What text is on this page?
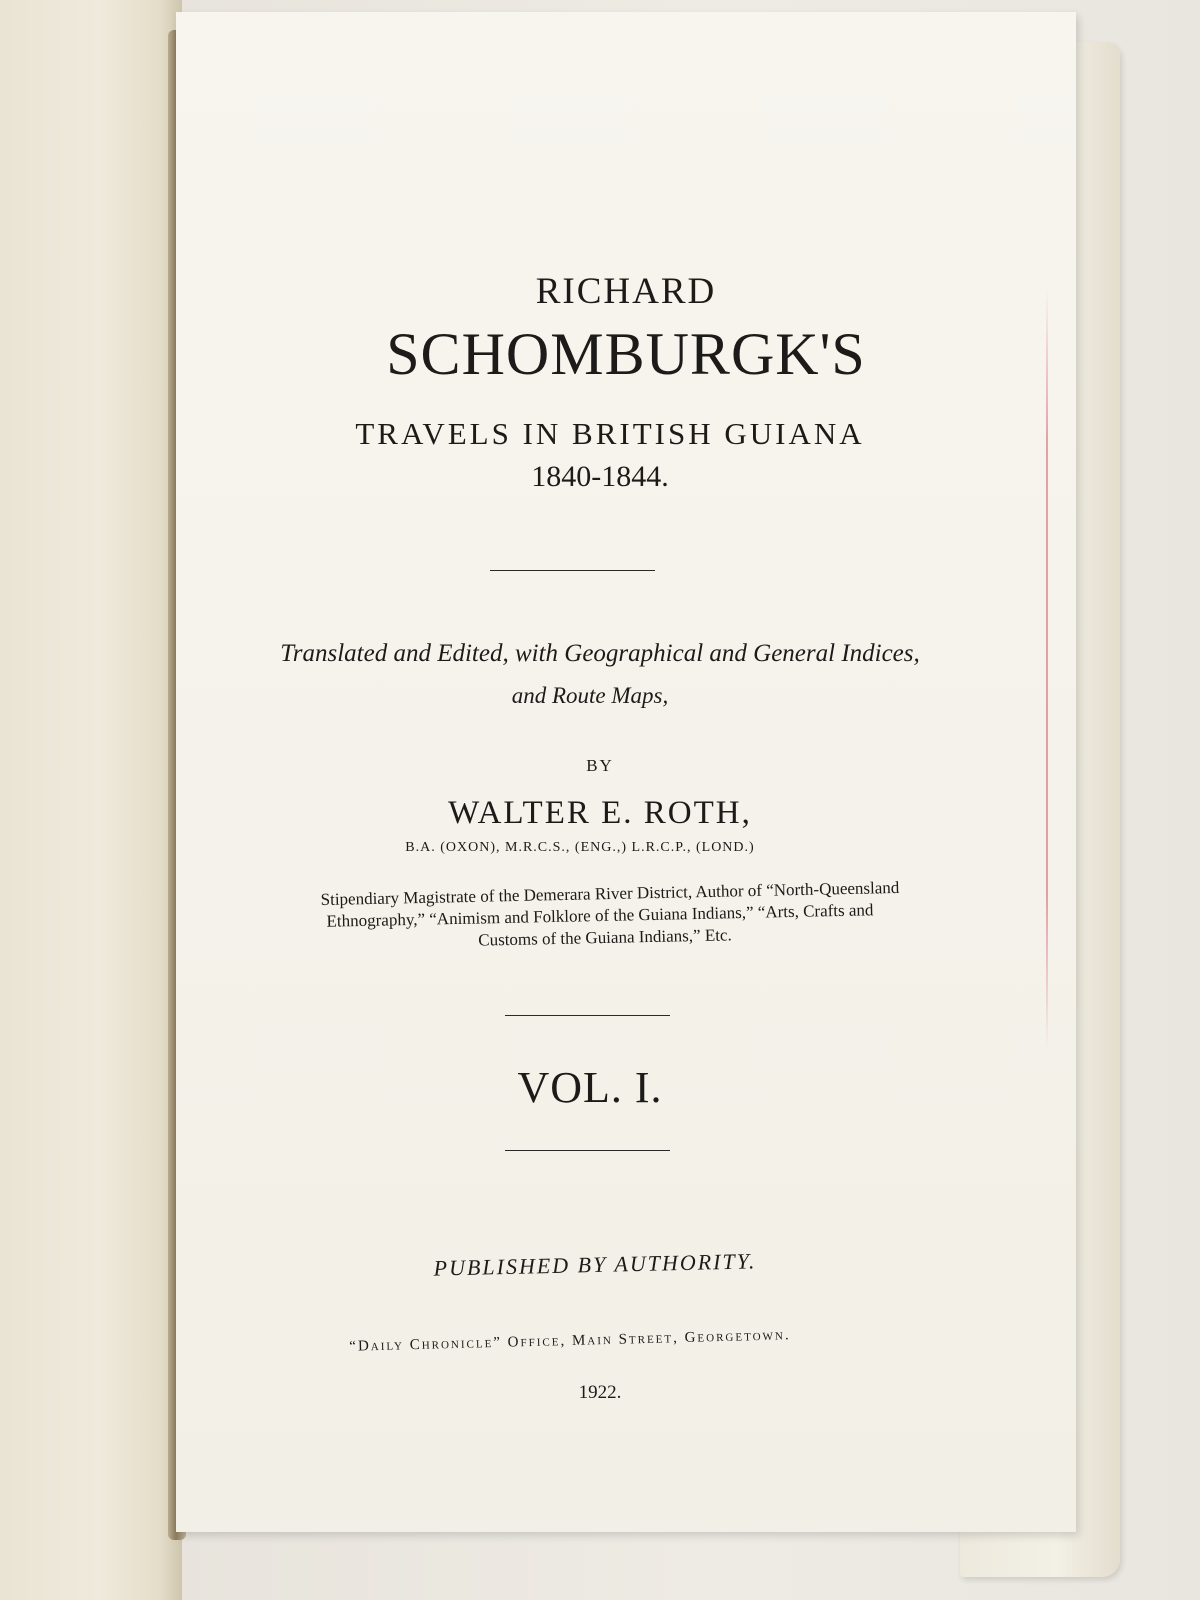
RICHARD
SCHOMBURGK'S
TRAVELS IN BRITISH GUIANA
1840-1844.
Translated and Edited, with Geographical and General Indices,
and Route Maps,
BY
WALTER E. ROTH,
B.A. (OXON), M.R.C.S., (ENG.,) L.R.C.P., (LOND.)
Stipendiary Magistrate of the Demerara River District, Author of “North-Queensland
Ethnography,” “Animism and Folklore of the Guiana Indians,” “Arts, Crafts and
Customs of the Guiana Indians,” Etc.
VOL. I.
PUBLISHED BY AUTHORITY.
“Daily Chronicle” Office, Main Street, Georgetown.
1922.
